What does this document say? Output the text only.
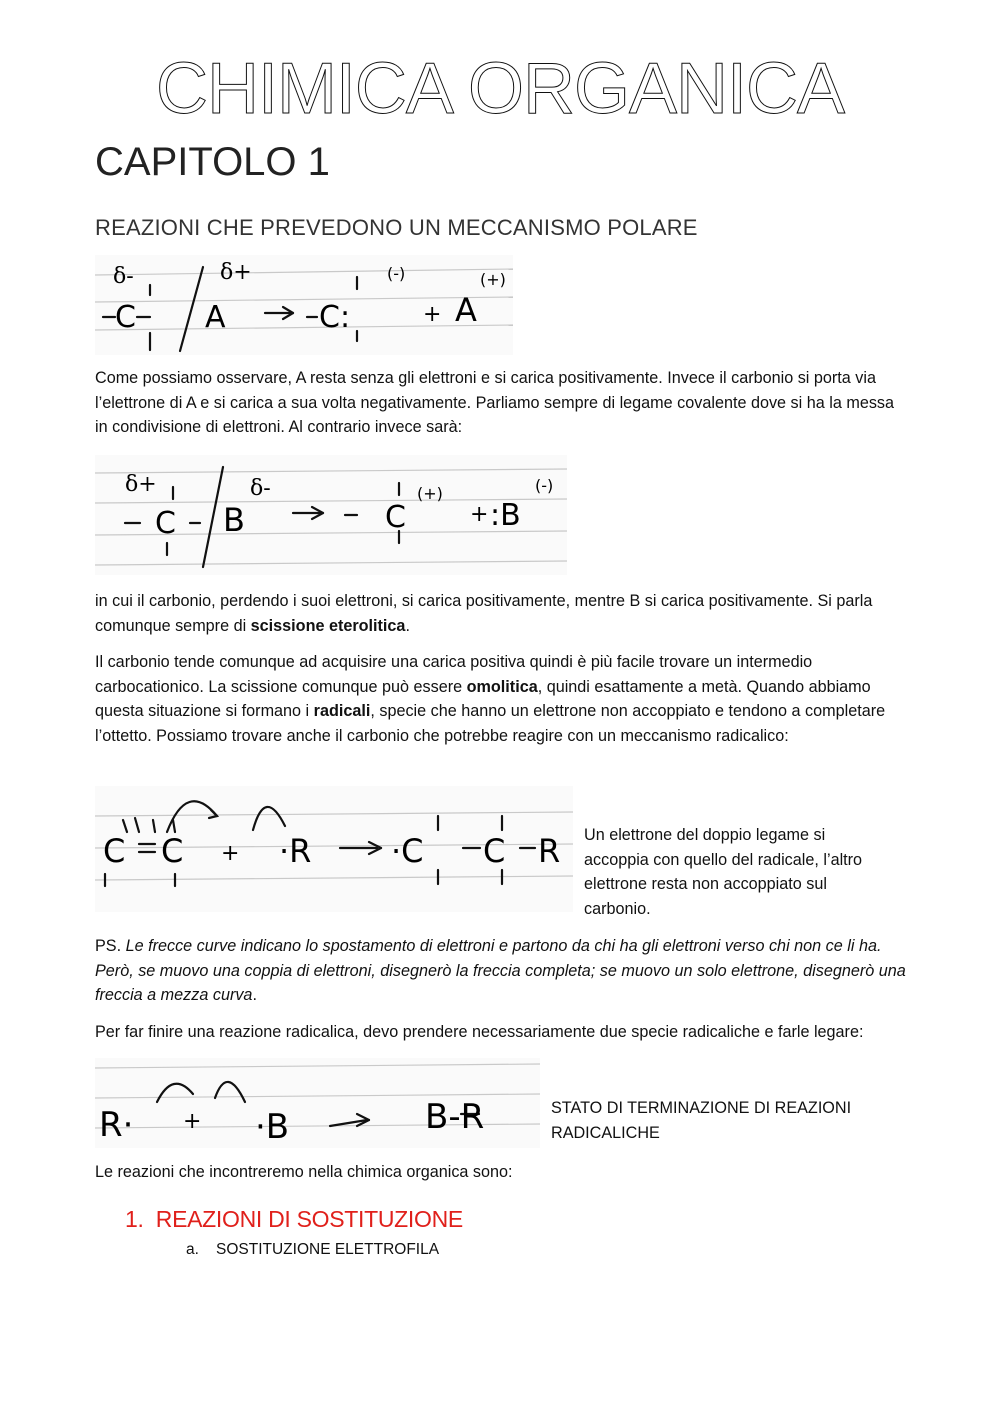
CHIMICA ORGANICA
CAPITOLO 1
REAZIONI CHE PREVEDONO UN MECCANISMO POLARE
δ-	δ+
C A	C:
(-)
+ A
(+)

Come possiamo osservare, A resta senza gli elettroni e si carica positivamente. Invece il carbonio si porta via l’elettrone di A e si carica a sua volta negativamente. Parliamo sempre di legame covalente dove si ha la messa in condivisione di elettroni. Al contrario invece sarà:

δ+	δ-
C B	C
(+)
+ :B
(-)

in cui il carbonio, perdendo i suoi elettroni, si carica positivamente, mentre B si carica positivamente. Si parla comunque sempre di scissione eterolitica.

Il carbonio tende comunque ad acquisire una carica positiva quindi è più facile trovare un intermedio carbocationico. La scissione comunque può essere omolitica, quindi esattamente a metà. Quando abbiamo questa situazione si formano i radicali, specie che hanno un elettrone non accoppiato e tendono a completare l’ottetto. Possiamo trovare anche il carbonio che potrebbe reagire con un meccanismo radicalico:

C C + ·R ·C C R Un elettrone del doppio legame si accoppia con quello del radicale, l’altro elettrone resta non accoppiato sul carbonio.

PS. Le frecce curve indicano lo spostamento di elettroni e partono da chi ha gli elettroni verso chi non ce li ha. Però, se muovo una coppia di elettroni, disegnerò la freccia completa; se muovo un solo elettrone, disegnerò una freccia a mezza curva.

Per far finire una reazione radicalica, devo prendere necessariamente due specie radicaliche e farle legare:

R· + ·B	B-R	STATO DI TERMINAZIONE DI REAZIONI RADICALICHE

Le reazioni che incontreremo nella chimica organica sono:

1. REAZIONI DI SOSTITUZIONE
a. SOSTITUZIONE ELETTROFILA
